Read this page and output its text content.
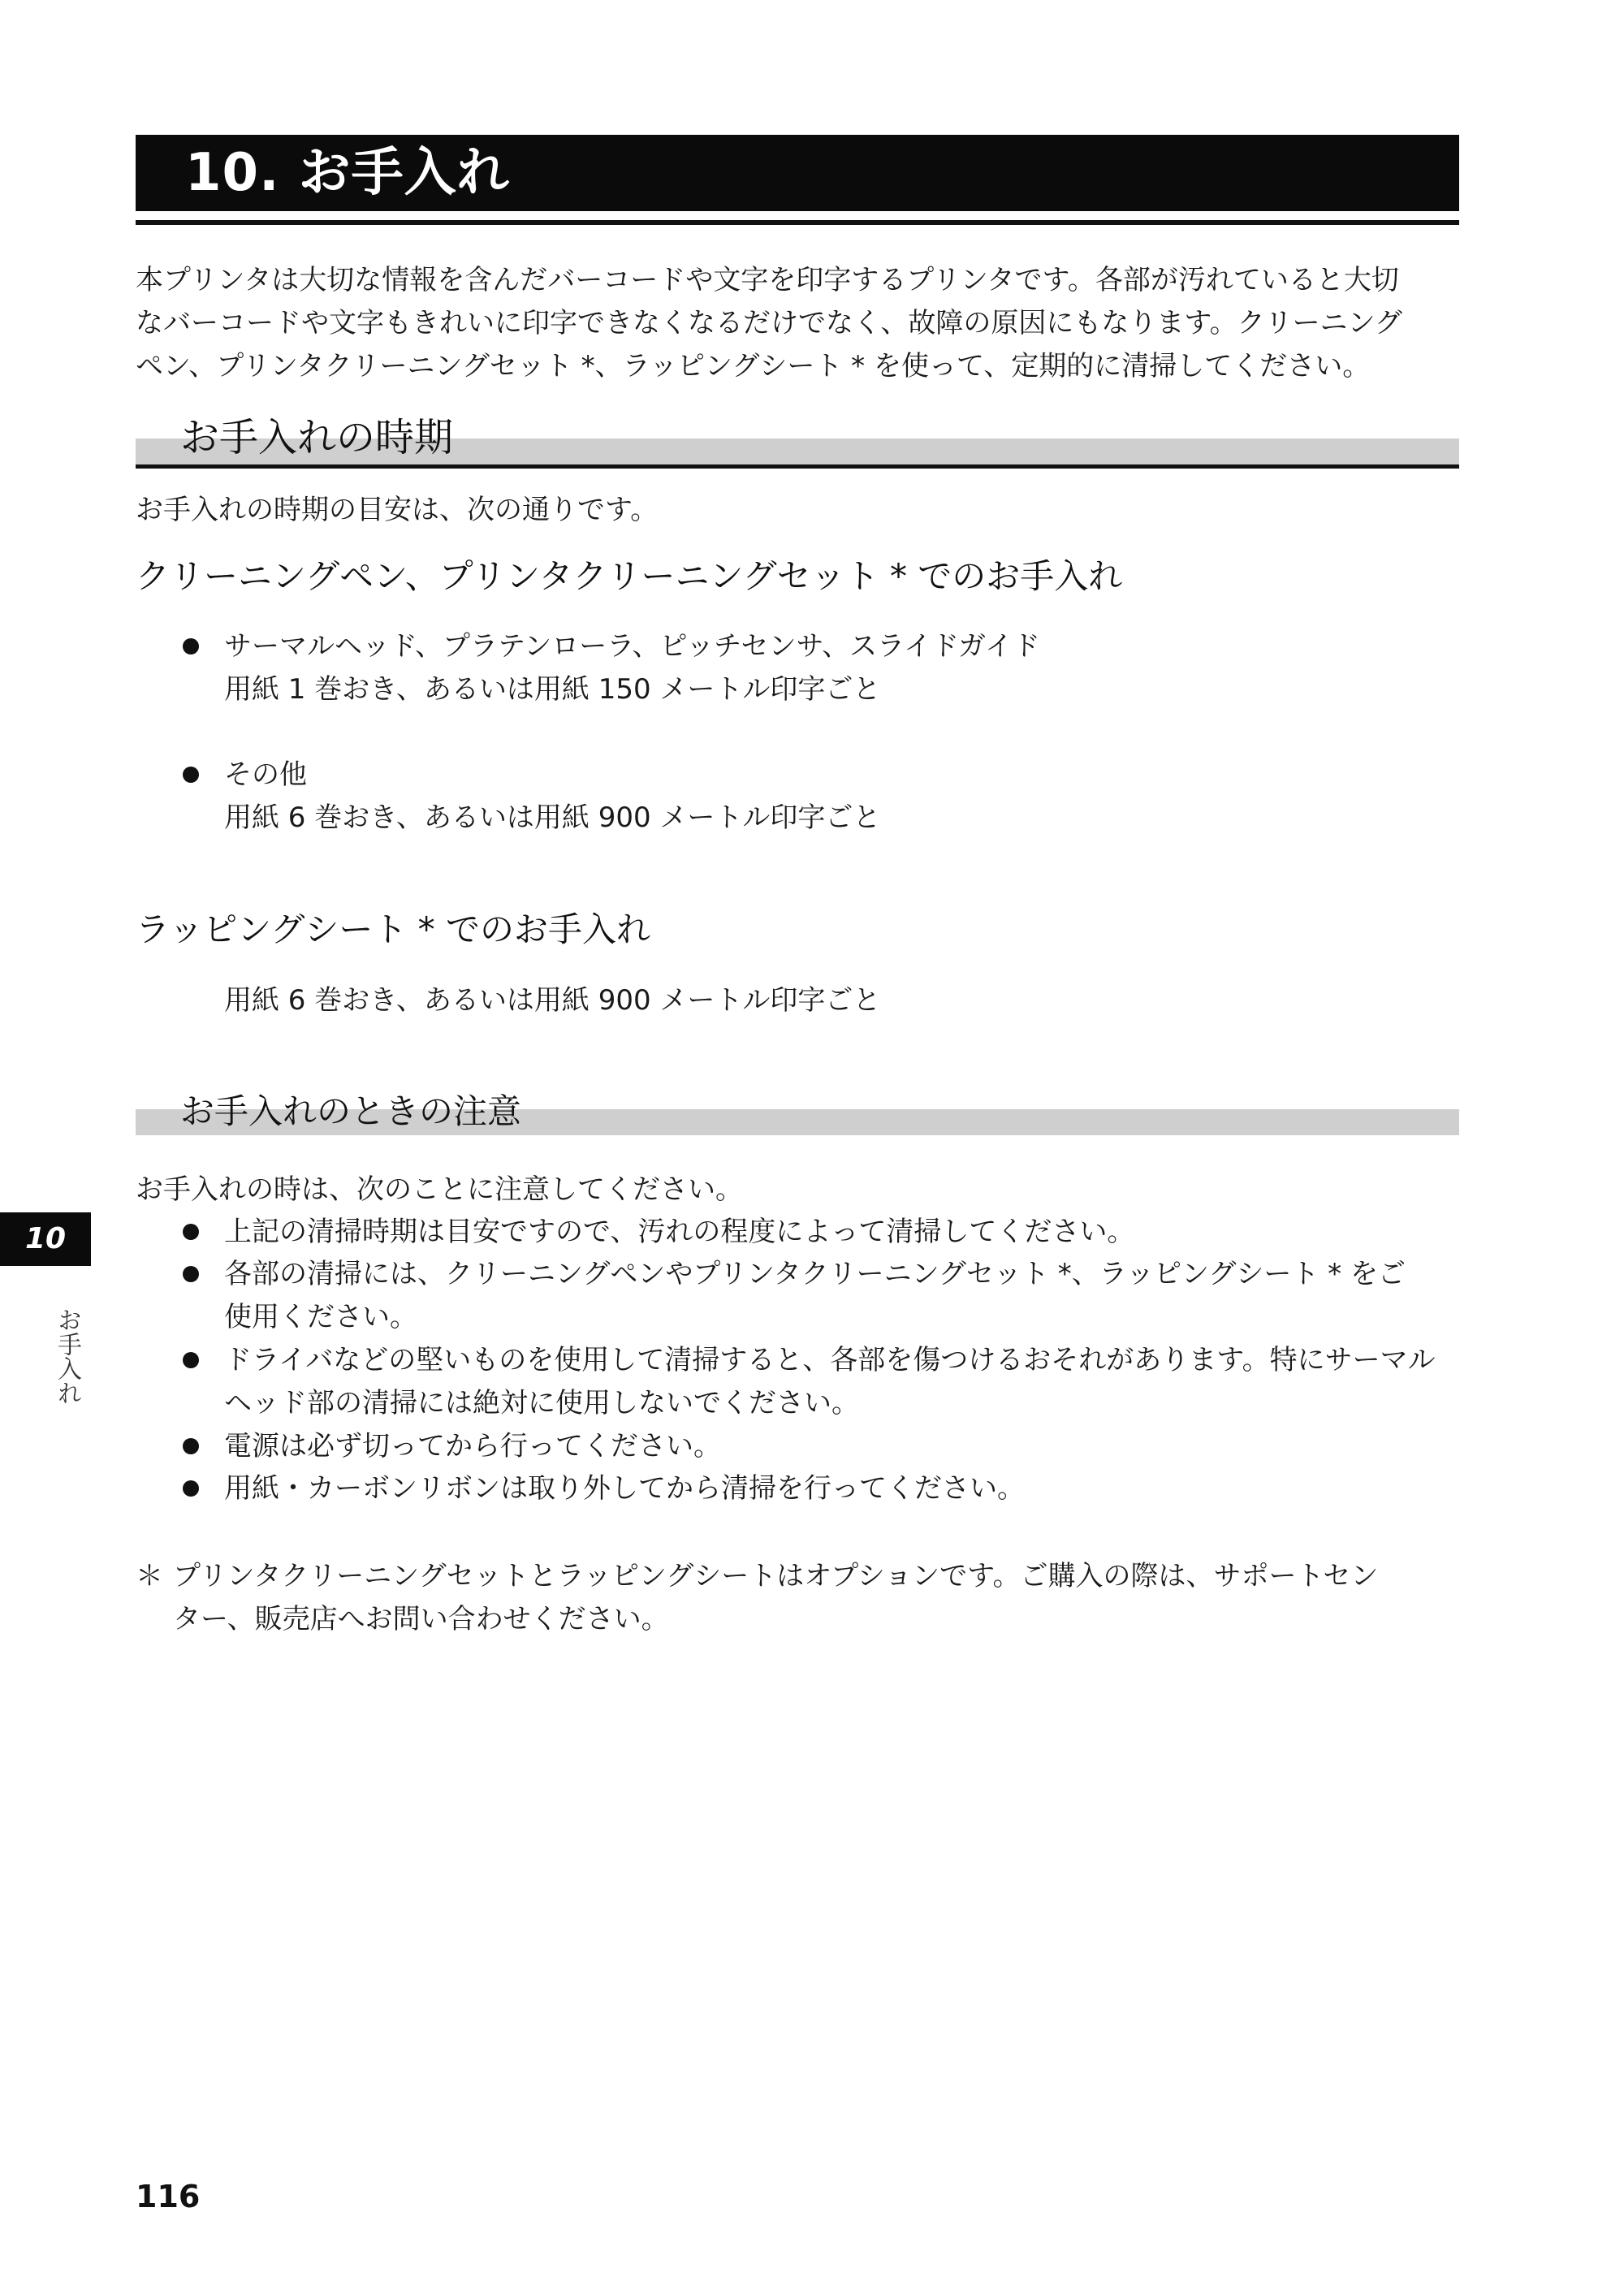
10. お手入れ
本プリンタは大切な情報を含んだバーコードや文字を印字するプリンタです。各部が汚れていると大切
なバーコードや文字もきれいに印字できなくなるだけでなく、故障の原因にもなります。クリーニング
ペン、プリンタクリーニングセット *、ラッピングシート * を使って、定期的に清掃してください。
お手入れの時期
お手入れの時期の目安は、次の通りです。
クリーニングペン、プリンタクリーニングセット * でのお手入れ
サーマルヘッド、プラテンローラ、ピッチセンサ、スライドガイド
用紙 1 巻おき、あるいは用紙 150 メートル印字ごと
その他
用紙 6 巻おき、あるいは用紙 900 メートル印字ごと
ラッピングシート * でのお手入れ
用紙 6 巻おき、あるいは用紙 900 メートル印字ごと
お手入れのときの注意
お手入れの時は、次のことに注意してください。
上記の清掃時期は目安ですので、汚れの程度によって清掃してください。
各部の清掃には、クリーニングペンやプリンタクリーニングセット *、ラッピングシート * をご
使用ください。
ドライバなどの堅いものを使用して清掃すると、各部を傷つけるおそれがあります。特にサーマル
ヘッド部の清掃には絶対に使用しないでください。
電源は必ず切ってから行ってください。
用紙・カーボンリボンは取り外してから清掃を行ってください。
＊ プリンタクリーニングセットとラッピングシートはオプションです。ご購入の際は、サポートセン
ター、販売店へお問い合わせください。
10
お手入れ
116
